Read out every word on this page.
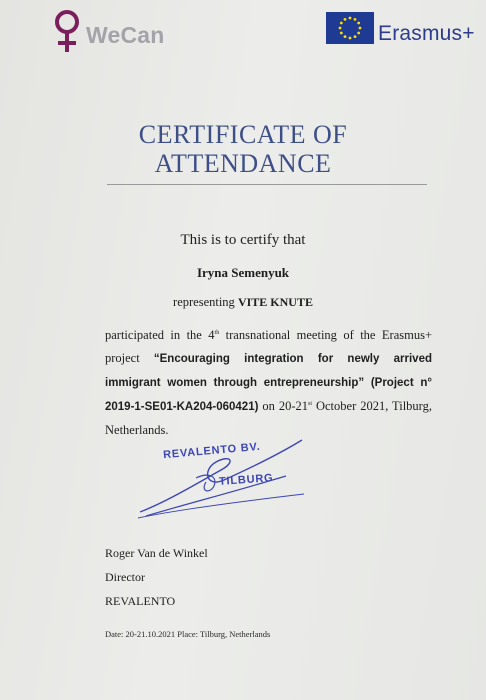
WeCan	Erasmus+
CERTIFICATE OF
ATTENDANCE
This is to certify that
Iryna Semenyuk
representing VITE KNUTE

participated in the 4th transnational meeting of the Erasmus+ project “Encouraging integration for newly arrived immigrant women through entrepreneurship” (Project n° 2019-1-SE01-KA204-060421) on 20-21st October 2021, Tilburg, Netherlands.

REVALENTO BV.
TILBURG
Roger Van de Winkel
Director
REVALENTO
Date: 20-21.10.2021 Place: Tilburg, Netherlands
